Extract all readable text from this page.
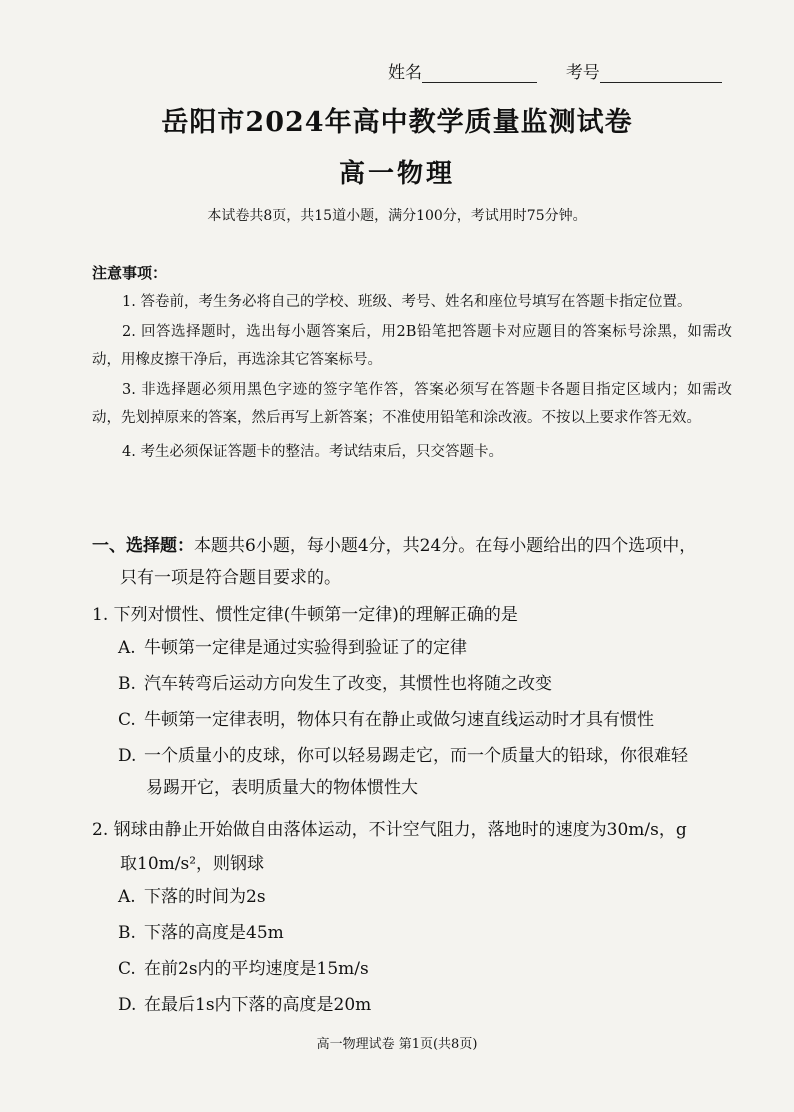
姓名	考号
岳阳市2024年高中教学质量监测试卷
高一物理
本试卷共8页，共15道小题，满分100分，考试用时75分钟。
注意事项：

1. 答卷前，考生务必将自己的学校、班级、考号、姓名和座位号填写在答题卡指定位置。

2. 回答选择题时，选出每小题答案后，用2B铅笔把答题卡对应题目的答案标号涂黑，如需改动，用橡皮擦干净后，再选涂其它答案标号。

3. 非选择题必须用黑色字迹的签字笔作答，答案必须写在答题卡各题目指定区域内；如需改动，先划掉原来的答案，然后再写上新答案；不准使用铅笔和涂改液。不按以上要求作答无效。

4. 考生必须保证答题卡的整洁。考试结束后，只交答题卡。

一、选择题：本题共6小题，每小题4分，共24分。在每小题给出的四个选项中，
只有一项是符合题目要求的。
1. 下列对惯性、惯性定律(牛顿第一定律)的理解正确的是
A. 牛顿第一定律是通过实验得到验证了的定律
B. 汽车转弯后运动方向发生了改变，其惯性也将随之改变
C. 牛顿第一定律表明，物体只有在静止或做匀速直线运动时才具有惯性
D. 一个质量小的皮球，你可以轻易踢走它，而一个质量大的铅球，你很难轻
易踢开它，表明质量大的物体惯性大
2. 钢球由静止开始做自由落体运动，不计空气阻力，落地时的速度为30m/s，g
取10m/s²，则钢球
A. 下落的时间为2s
B. 下落的高度是45m
C. 在前2s内的平均速度是15m/s
D. 在最后1s内下落的高度是20m
高一物理试卷 第1页(共8页)
